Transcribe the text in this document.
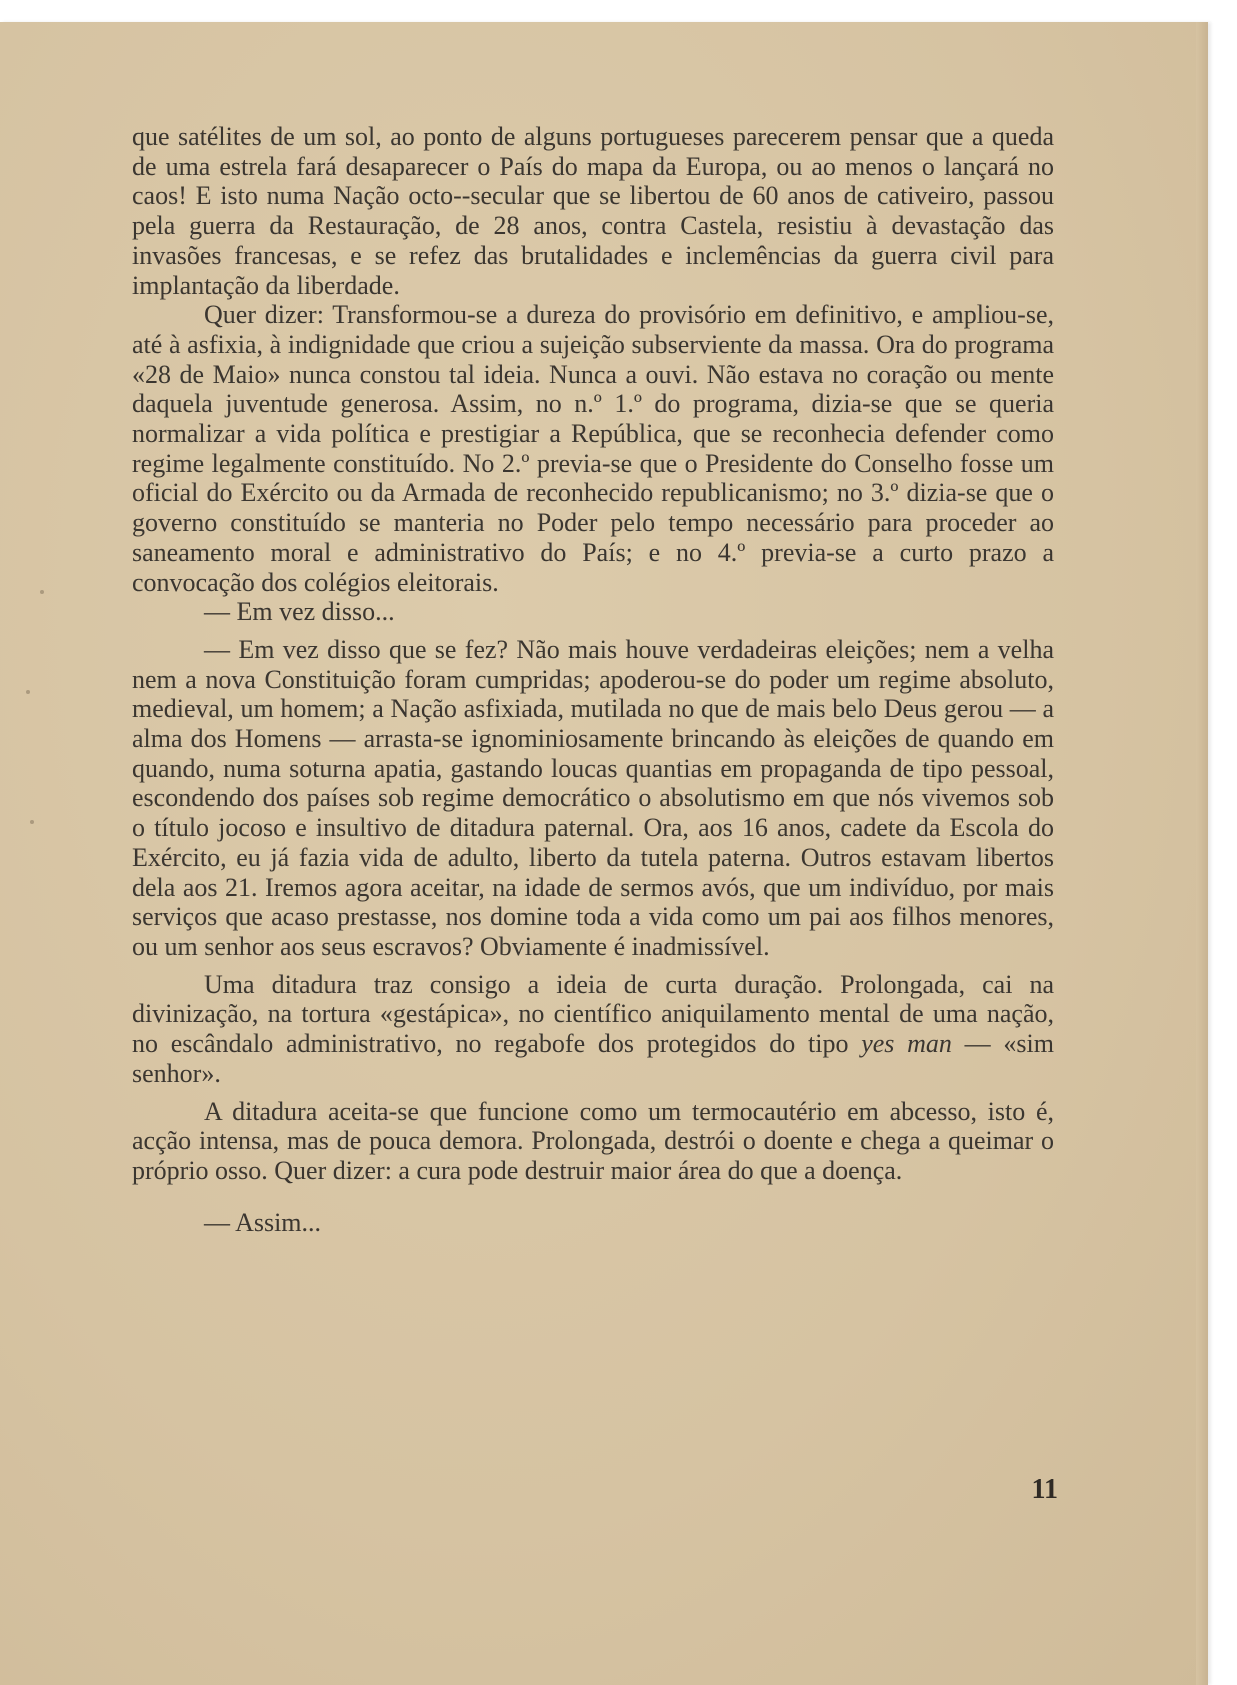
que satélites de um sol, ao ponto de alguns portugueses parecerem pensar que a queda de uma estrela fará desaparecer o País do mapa da Europa, ou ao menos o lançará no caos! E isto numa Nação octo--secular que se libertou de 60 anos de cativeiro, passou pela guerra da Restauração, de 28 anos, contra Castela, resistiu à devastação das invasões francesas, e se refez das brutalidades e inclemências da guerra civil para implantação da liberdade.

Quer dizer: Transformou-se a dureza do provisório em definitivo, e ampliou-se, até à asfixia, à indignidade que criou a sujeição subserviente da massa. Ora do programa «28 de Maio» nunca constou tal ideia. Nunca a ouvi. Não estava no coração ou mente daquela juventude generosa. Assim, no n.º 1.º do programa, dizia-se que se queria normalizar a vida política e prestigiar a República, que se reconhecia defender como regime legalmente constituído. No 2.º previa-se que o Presidente do Conselho fosse um oficial do Exército ou da Armada de reconhecido republicanismo; no 3.º dizia-se que o governo constituído se manteria no Poder pelo tempo necessário para proceder ao saneamento moral e administrativo do País; e no 4.º previa-se a curto prazo a convocação dos colégios eleitorais.

— Em vez disso...

— Em vez disso que se fez? Não mais houve verdadeiras eleições; nem a velha nem a nova Constituição foram cumpridas; apoderou-se do poder um regime absoluto, medieval, um homem; a Nação asfixiada, mutilada no que de mais belo Deus gerou — a alma dos Homens — arrasta-se ignominiosamente brincando às eleições de quando em quando, numa soturna apatia, gastando loucas quantias em propaganda de tipo pessoal, escondendo dos países sob regime democrático o absolutismo em que nós vivemos sob o título jocoso e insultivo de ditadura paternal. Ora, aos 16 anos, cadete da Escola do Exército, eu já fazia vida de adulto, liberto da tutela paterna. Outros estavam libertos dela aos 21. Iremos agora aceitar, na idade de sermos avós, que um indivíduo, por mais serviços que acaso prestasse, nos domine toda a vida como um pai aos filhos menores, ou um senhor aos seus escravos? Obviamente é inadmissível.

Uma ditadura traz consigo a ideia de curta duração. Prolongada, cai na divinização, na tortura «gestápica», no científico aniquilamento mental de uma nação, no escândalo administrativo, no regabofe dos protegidos do tipo yes man — «sim senhor».

A ditadura aceita-se que funcione como um termocautério em abcesso, isto é, acção intensa, mas de pouca demora. Prolongada, destrói o doente e chega a queimar o próprio osso. Quer dizer: a cura pode destruir maior área do que a doença.

— Assim...

11
